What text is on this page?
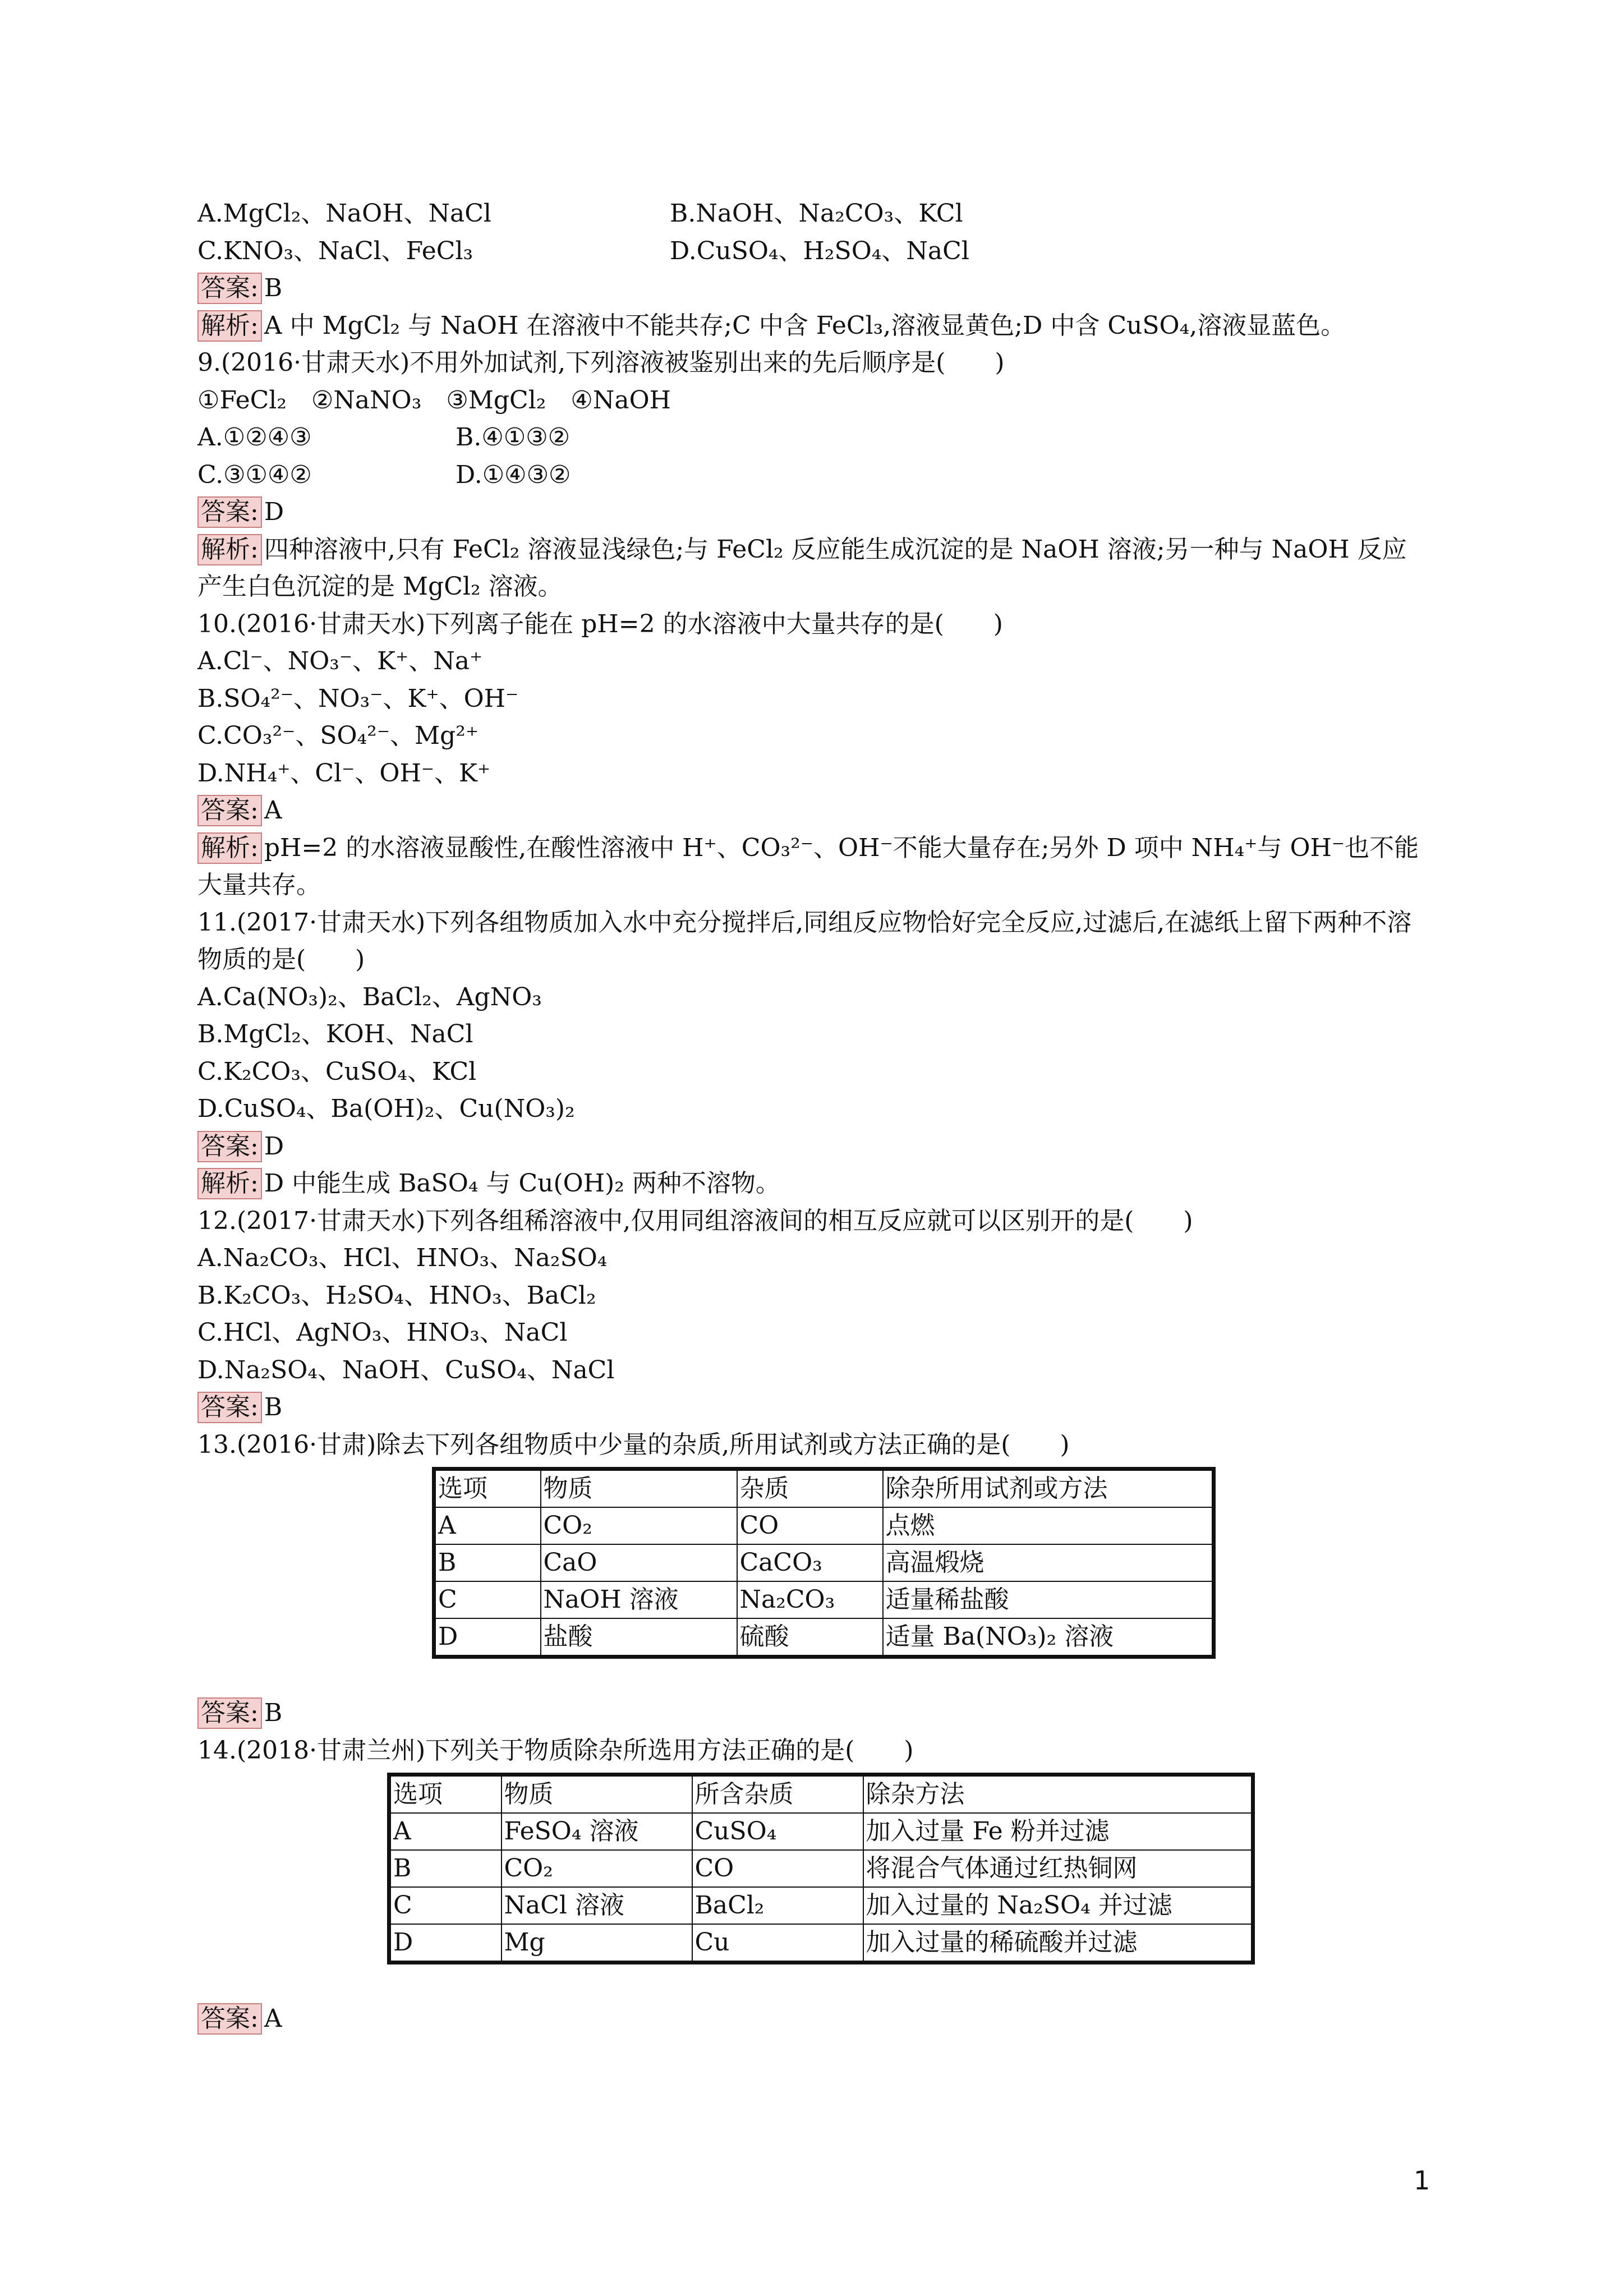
A.MgCl₂、NaOH、NaCl	B.NaOH、Na₂CO₃、KCl
C.KNO₃、NaCl、FeCl₃	D.CuSO₄、H₂SO₄、NaCl
答案: B
解析: A 中 MgCl₂ 与 NaOH 在溶液中不能共存;C 中含 FeCl₃,溶液显黄色;D 中含 CuSO₄,溶液显蓝色。
9.(2016·甘肃天水)不用外加试剂,下列溶液被鉴别出来的先后顺序是(　　)
①FeCl₂　②NaNO₃　③MgCl₂　④NaOH
A.①②④③	B.④①③②
C.③①④②	D.①④③②
答案: D
解析: 四种溶液中,只有 FeCl₂ 溶液显浅绿色;与 FeCl₂ 反应能生成沉淀的是 NaOH 溶液;另一种与 NaOH 反应产生白色沉淀的是 MgCl₂ 溶液。
10.(2016·甘肃天水)下列离子能在 pH=2 的水溶液中大量共存的是(　　)
A.Cl⁻、NO₃⁻、K⁺、Na⁺
B.SO₄²⁻、NO₃⁻、K⁺、OH⁻
C.CO₃²⁻、SO₄²⁻、Mg²⁺
D.NH₄⁺、Cl⁻、OH⁻、K⁺
答案: A
解析: pH=2 的水溶液显酸性,在酸性溶液中 H⁺、CO₃²⁻、OH⁻不能大量存在;另外 D 项中 NH₄⁺与 OH⁻也不能大量共存。
11.(2017·甘肃天水)下列各组物质加入水中充分搅拌后,同组反应物恰好完全反应,过滤后,在滤纸上留下两种不溶物质的是(　　)
A.Ca(NO₃)₂、BaCl₂、AgNO₃
B.MgCl₂、KOH、NaCl
C.K₂CO₃、CuSO₄、KCl
D.CuSO₄、Ba(OH)₂、Cu(NO₃)₂
答案: D
解析: D 中能生成 BaSO₄ 与 Cu(OH)₂ 两种不溶物。
12.(2017·甘肃天水)下列各组稀溶液中,仅用同组溶液间的相互反应就可以区别开的是(　　)
A.Na₂CO₃、HCl、HNO₃、Na₂SO₄
B.K₂CO₃、H₂SO₄、HNO₃、BaCl₂
C.HCl、AgNO₃、HNO₃、NaCl
D.Na₂SO₄、NaOH、CuSO₄、NaCl
答案: B
13.(2016·甘肃)除去下列各组物质中少量的杂质,所用试剂或方法正确的是(　　)
选项	物质	杂质	除杂所用试剂或方法
A	CO₂	CO	点燃
B	CaO	CaCO₃	高温煅烧
C	NaOH 溶液	Na₂CO₃	适量稀盐酸
D	盐酸	硫酸	适量 Ba(NO₃)₂ 溶液
答案: B
14.(2018·甘肃兰州)下列关于物质除杂所选用方法正确的是(　　)
选项	物质	所含杂质	除杂方法
A	FeSO₄ 溶液	CuSO₄	加入过量 Fe 粉并过滤
B	CO₂	CO	将混合气体通过红热铜网
C	NaCl 溶液	BaCl₂	加入过量的 Na₂SO₄ 并过滤
D	Mg	Cu	加入过量的稀硫酸并过滤
答案: A
1
